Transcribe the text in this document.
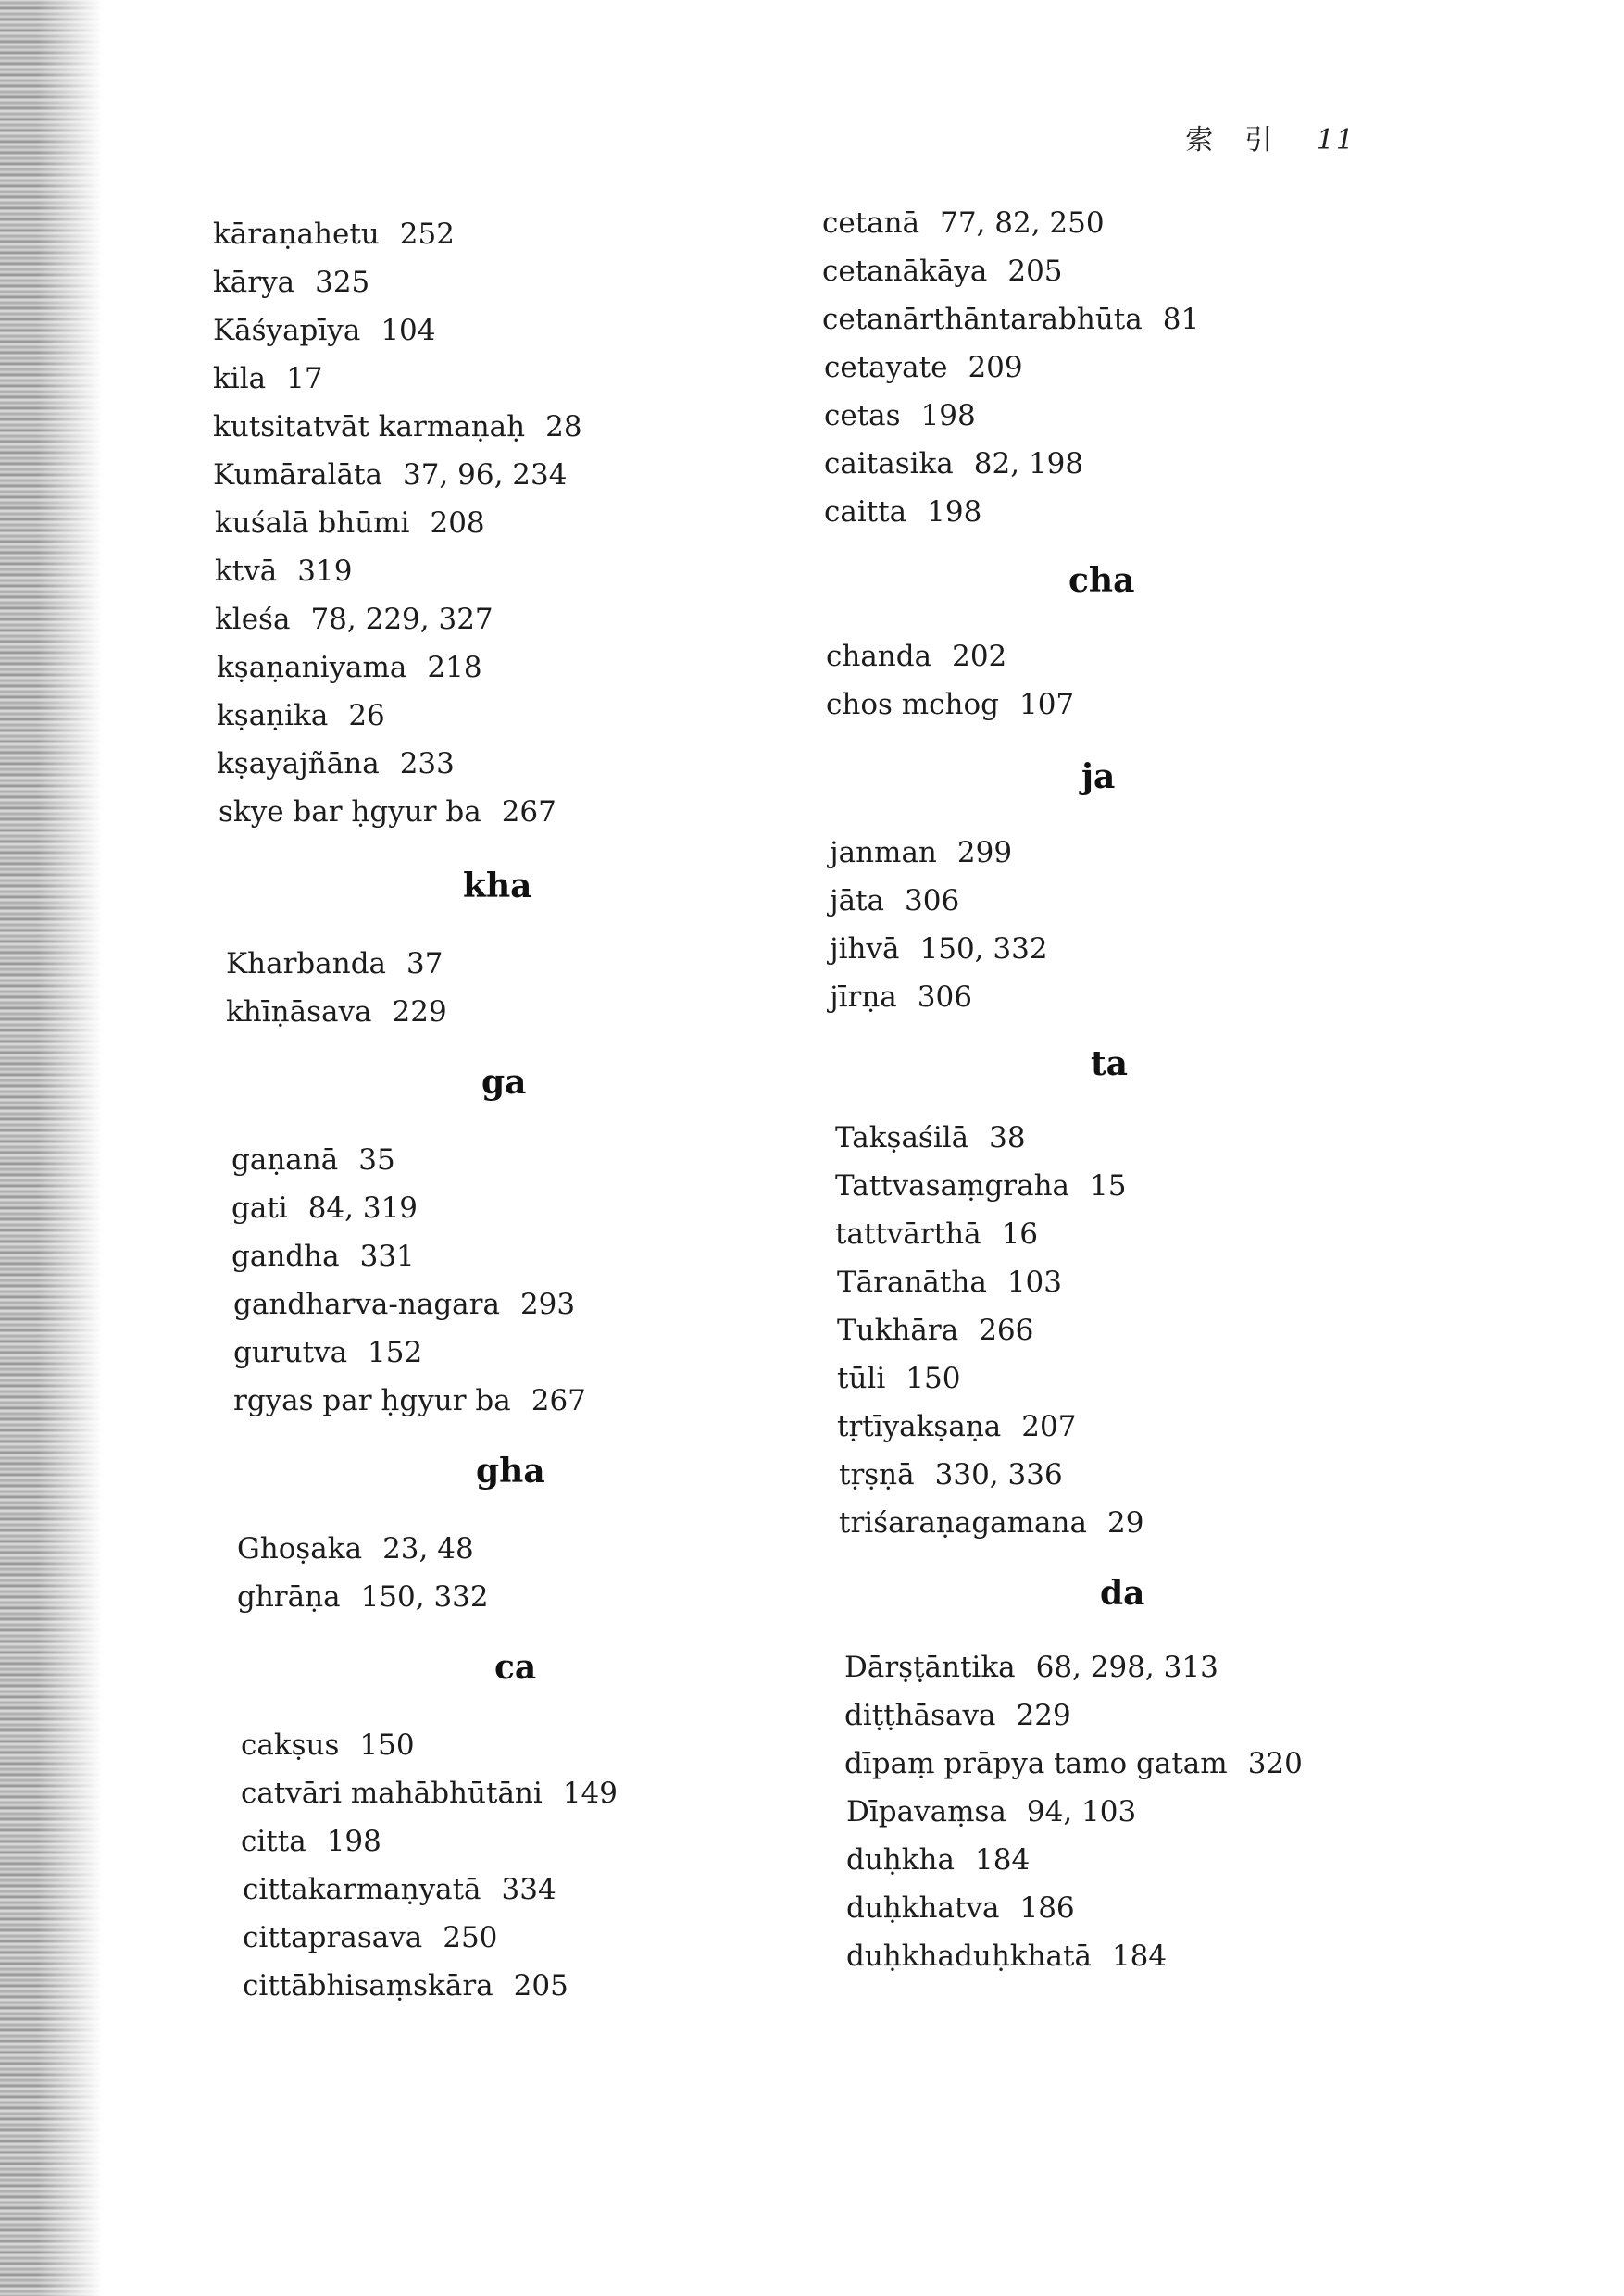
索　引 11
kāraṇahetu 252
kārya 325
Kāśyapīya 104
kila 17
kutsitatvāt karmaṇaḥ 28
Kumāralāta 37, 96, 234
kuśalā bhūmi 208
ktvā 319
kleśa 78, 229, 327
kṣaṇaniyama 218
kṣaṇika 26
kṣayajñāna 233
skye bar ḥgyur ba 267
kha
Kharbanda 37
khīṇāsava 229
ga
gaṇanā 35
gati 84, 319
gandha 331
gandharva-nagara 293
gurutva 152
rgyas par ḥgyur ba 267
gha
Ghoṣaka 23, 48
ghrāṇa 150, 332
ca
cakṣus 150
catvāri mahābhūtāni 149
citta 198
cittakarmaṇyatā 334
cittaprasava 250
cittābhisaṃskāra 205
cetanā 77, 82, 250
cetanākāya 205
cetanārthāntarabhūta 81
cetayate 209
cetas 198
caitasika 82, 198
caitta 198
cha
chanda 202
chos mchog 107
ja
janman 299
jāta 306
jihvā 150, 332
jīrṇa 306
ta
Takṣaśilā 38
Tattvasaṃgraha 15
tattvārthā 16
Tāranātha 103
Tukhāra 266
tūli 150
tṛtīyakṣaṇa 207
tṛṣṇā 330, 336
triśaraṇagamana 29
da
Dārṣṭāntika 68, 298, 313
diṭṭhāsava 229
dīpaṃ prāpya tamo gatam 320
Dīpavaṃsa 94, 103
duḥkha 184
duḥkhatva 186
duḥkhaduḥkhatā 184
